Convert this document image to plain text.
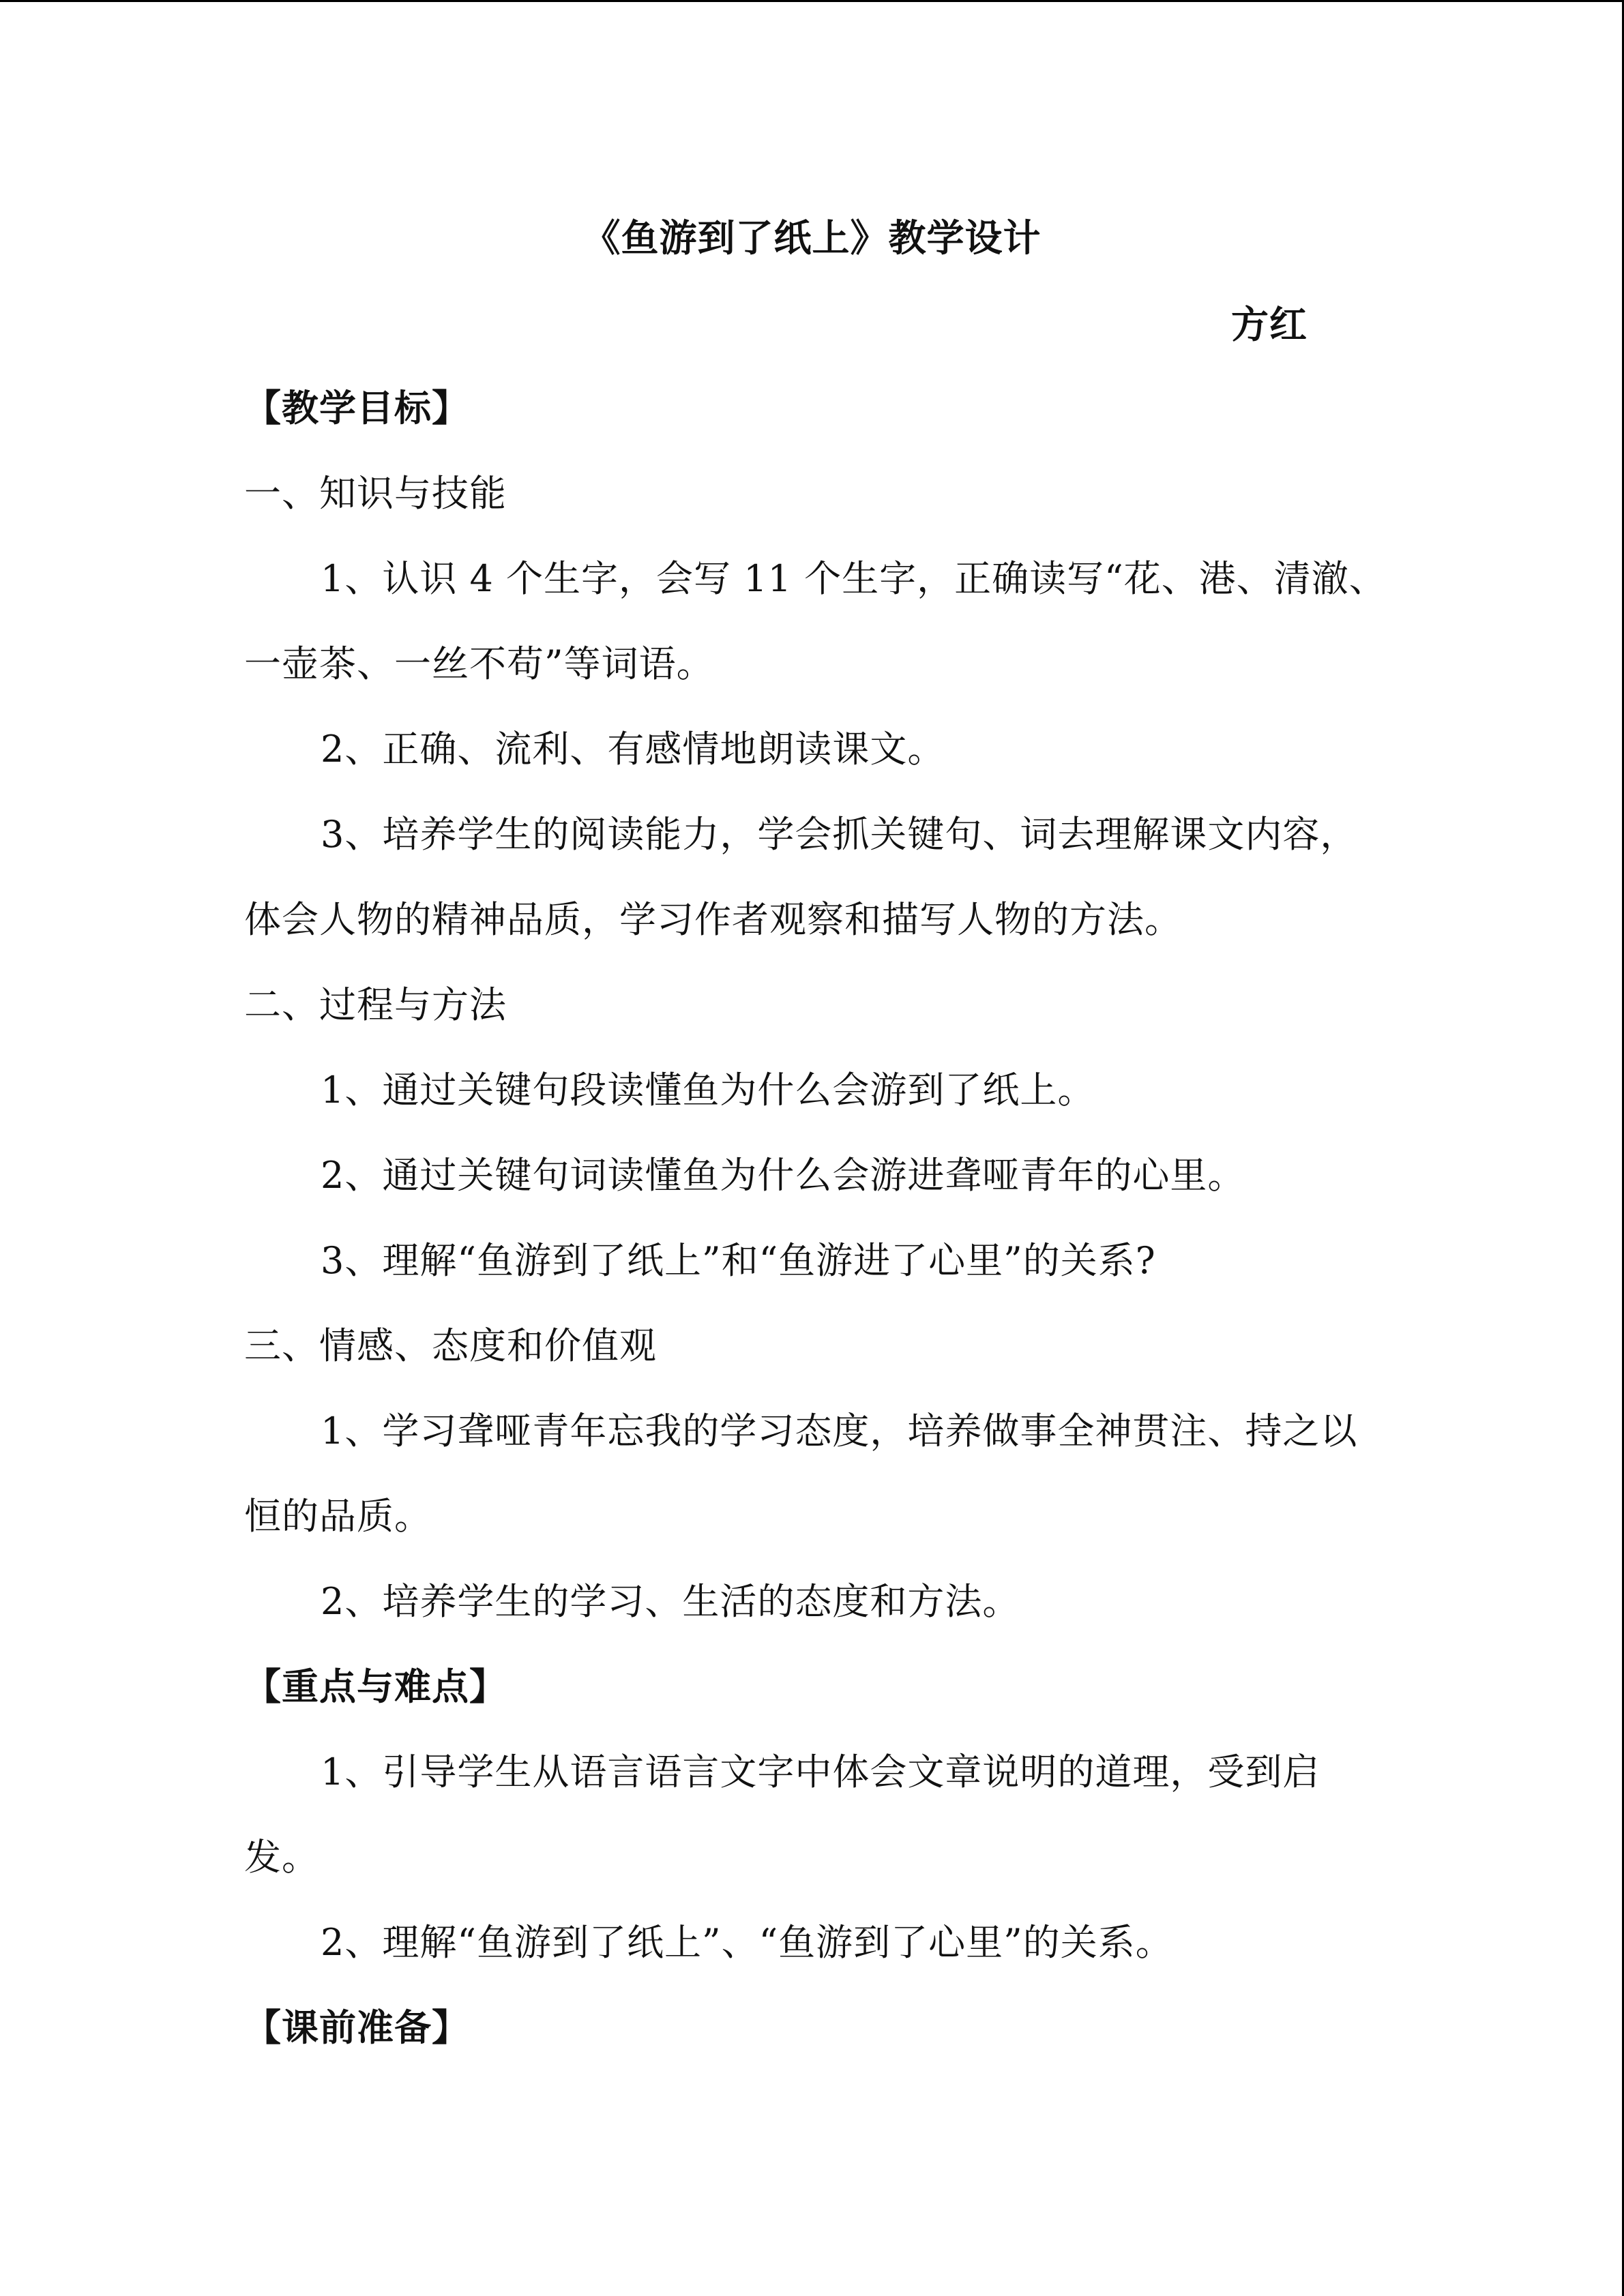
《鱼游到了纸上》教学设计
方红
【教学目标】
一、知识与技能
1、认识 4 个生字，会写 11 个生字，正确读写“花、港、清澈、
一壶茶、一丝不苟”等词语。
2、正确、流利、有感情地朗读课文。
3、培养学生的阅读能力，学会抓关键句、词去理解课文内容，
体会人物的精神品质，学习作者观察和描写人物的方法。
二、过程与方法
1、通过关键句段读懂鱼为什么会游到了纸上。
2、通过关键句词读懂鱼为什么会游进聋哑青年的心里。
3、理解“鱼游到了纸上”和“鱼游进了心里”的关系?
三、情感、态度和价值观
1、学习聋哑青年忘我的学习态度，培养做事全神贯注、持之以
恒的品质。
2、培养学生的学习、生活的态度和方法。
【重点与难点】
1、引导学生从语言语言文字中体会文章说明的道理，受到启
发。
2、理解“鱼游到了纸上”、“鱼游到了心里”的关系。
【课前准备】
